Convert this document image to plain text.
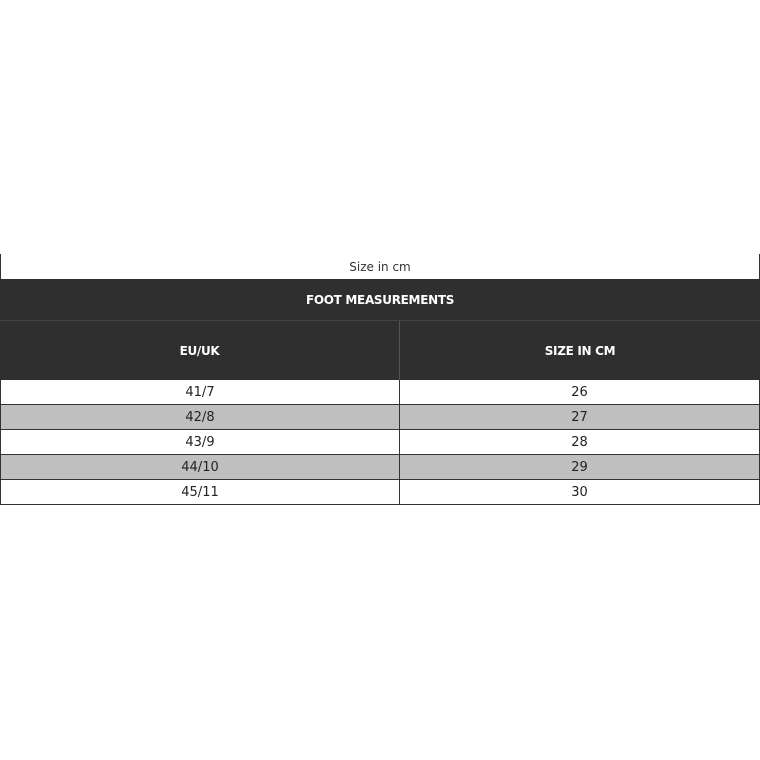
Size in cm
FOOT MEASUREMENTS
EU/UK	SIZE IN CM
41/7	26
42/8	27
43/9	28
44/10	29
45/11	30
